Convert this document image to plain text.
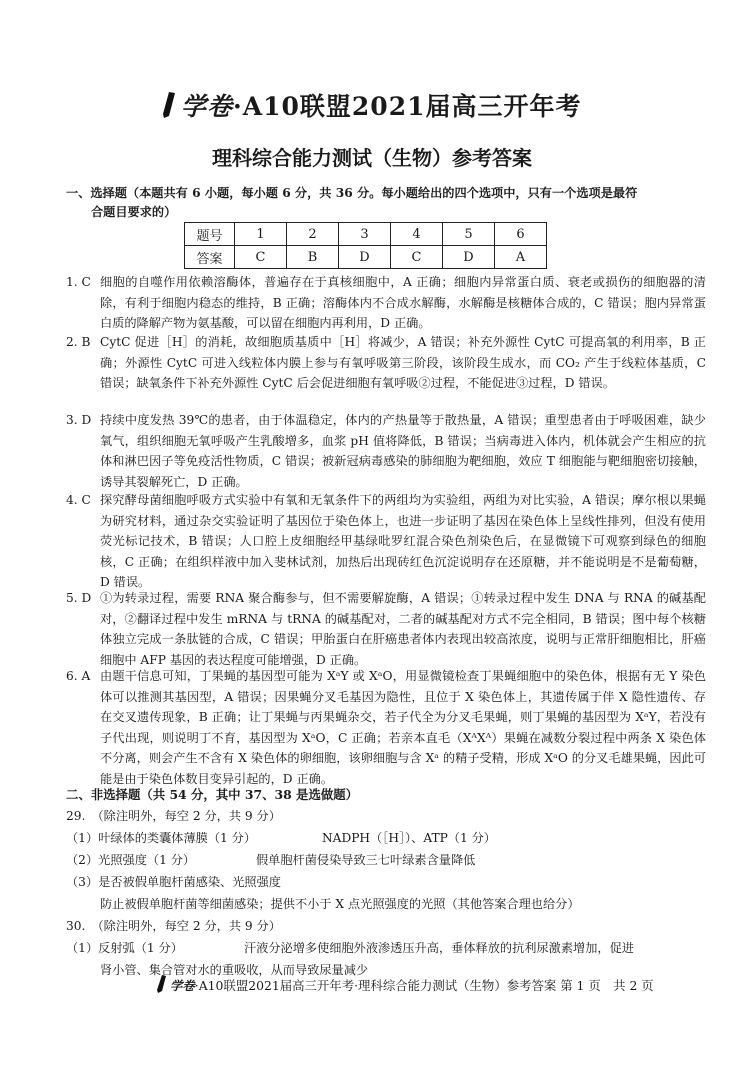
学卷·A10联盟2021届高三开年考
理科综合能力测试（生物）参考答案
一、选择题（本题共有 6 小题，每小题 6 分，共 36 分。每小题给出的四个选项中，只有一个选项是最符
合题目要求的）
题号	1	2	3	4	5	6
答案	C	B	D	C	D	A
1. C 细胞的自噬作用依赖溶酶体，普遍存在于真核细胞中，A 正确；细胞内异常蛋白质、衰老或损伤的细胞器的清除，有利于细胞内稳态的维持，B 正确；溶酶体内不合成水解酶，水解酶是核糖体合成的，C 错误；胞内异常蛋白质的降解产物为氨基酸，可以留在细胞内再利用，D 正确。
2. B CytC 促进［H］的消耗，故细胞质基质中［H］将减少，A 错误；补充外源性 CytC 可提高氧的利用率，B 正确；外源性 CytC 可进入线粒体内膜上参与有氧呼吸第三阶段，该阶段生成水，而 CO₂ 产生于线粒体基质，C 错误；缺氧条件下补充外源性 CytC 后会促进细胞有氧呼吸②过程，不能促进③过程，D 错误。
3. D 持续中度发热 39℃的患者，由于体温稳定，体内的产热量等于散热量，A 错误；重型患者由于呼吸困难，缺少氧气，组织细胞无氧呼吸产生乳酸增多，血浆 pH 值将降低，B 错误；当病毒进入体内，机体就会产生相应的抗体和淋巴因子等免疫活性物质，C 错误；被新冠病毒感染的肺细胞为靶细胞，效应 T 细胞能与靶细胞密切接触，诱导其裂解死亡，D 正确。
4. C 探究酵母菌细胞呼吸方式实验中有氧和无氧条件下的两组均为实验组，两组为对比实验，A 错误；摩尔根以果蝇为研究材料，通过杂交实验证明了基因位于染色体上，也进一步证明了基因在染色体上呈线性排列，但没有使用荧光标记技术，B 错误；人口腔上皮细胞经甲基绿吡罗红混合染色剂染色后，在显微镜下可观察到绿色的细胞核，C 正确；在组织样液中加入斐林试剂，加热后出现砖红色沉淀说明存在还原糖，并不能说明是不是葡萄糖，D 错误。
5. D ①为转录过程，需要 RNA 聚合酶参与，但不需要解旋酶，A 错误；①转录过程中发生 DNA 与 RNA 的碱基配对，②翻译过程中发生 mRNA 与 tRNA 的碱基配对，二者的碱基配对方式不完全相同，B 错误；图中每个核糖体独立完成一条肽链的合成，C 错误；甲胎蛋白在肝癌患者体内表现出较高浓度，说明与正常肝细胞相比，肝癌细胞中 AFP 基因的表达程度可能增强，D 正确。
6. A 由题干信息可知，丁果蝇的基因型可能为 XᵃY 或 XᵃO，用显微镜检查丁果蝇细胞中的染色体，根据有无 Y 染色体可以推测其基因型，A 错误；因果蝇分叉毛基因为隐性，且位于 X 染色体上，其遗传属于伴 X 隐性遗传、存在交叉遗传现象，B 正确；让丁果蝇与丙果蝇杂交，若子代全为分叉毛果蝇，则丁果蝇的基因型为 XᵃY，若没有子代出现，则说明丁不育，基因型为 XᵃO，C 正确；若亲本直毛（XᴬXᴬ）果蝇在减数分裂过程中两条 X 染色体不分离，则会产生不含有 X 染色体的卵细胞，该卵细胞与含 Xᵃ 的精子受精，形成 XᵃO 的分叉毛雄果蝇，因此可能是由于染色体数目变异引起的，D 正确。
二、非选择题（共 54 分，其中 37、38 是选做题）
29.　（除注明外，每空 2 分，共 9 分）
（1）叶绿体的类囊体薄膜（1 分）	NADPH（［H］）、ATP（1 分）
（2）光照强度（1 分）	假单胞杆菌侵染导致三七叶绿素含量降低
（3）是否被假单胞杆菌感染、光照强度
防止被假单胞杆菌等细菌感染；提供不小于 X 点光照强度的光照（其他答案合理也给分）
30.　（除注明外，每空 2 分，共 9 分）
（1）反射弧（1 分）	汗液分泌增多使细胞外液渗透压升高，垂体释放的抗利尿激素增加，促进
肾小管、集合管对水的重吸收，从而导致尿量减少
学卷·A10联盟2021届高三开年考·理科综合能力测试（生物）参考答案 第 1 页　共 2 页
